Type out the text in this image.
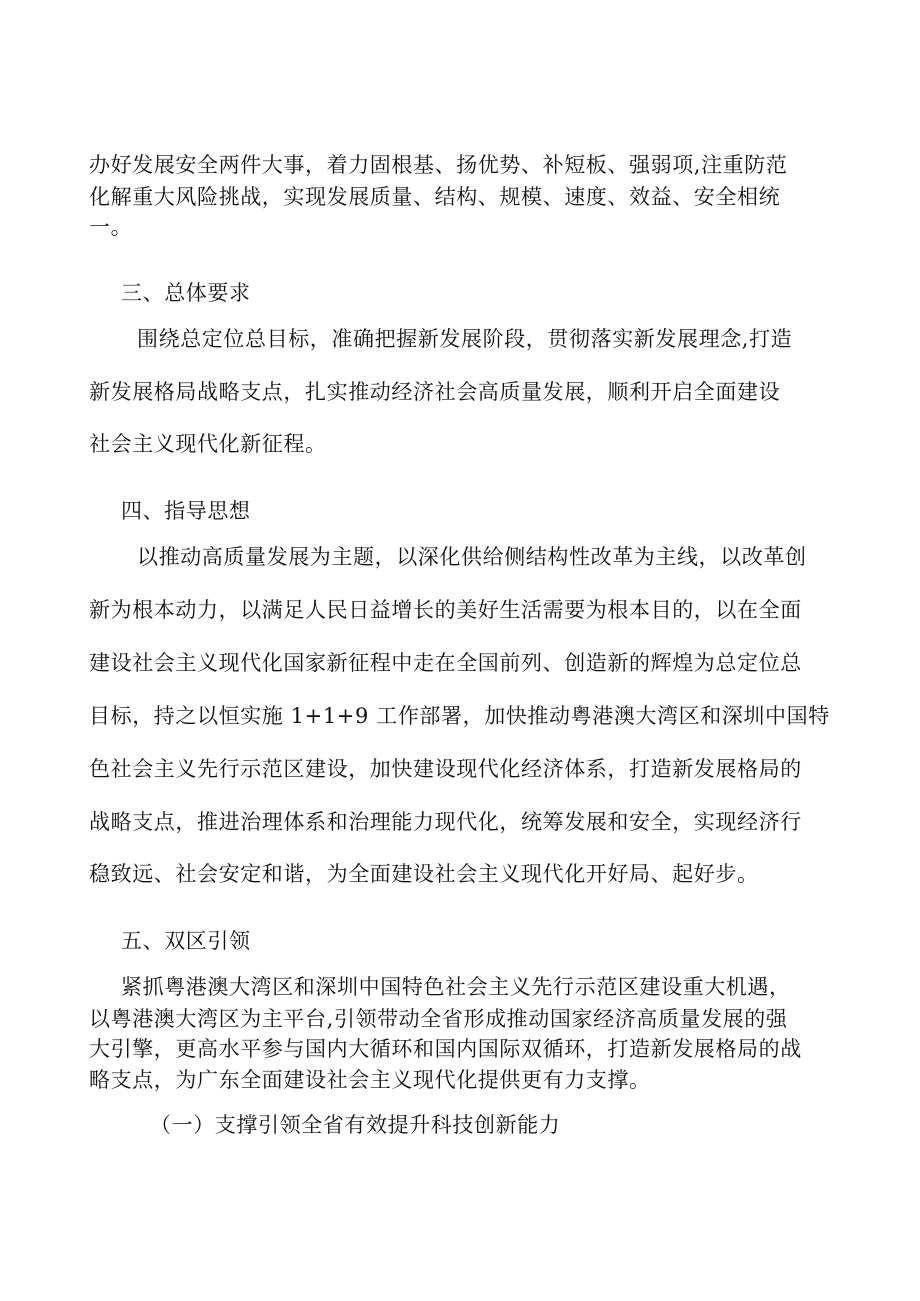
办好发展安全两件大事，着力固根基、扬优势、补短板、强弱项,注重防范
化解重大风险挑战，实现发展质量、结构、规模、速度、效益、安全相统
一。
三、总体要求
围绕总定位总目标，准确把握新发展阶段，贯彻落实新发展理念,打造
新发展格局战略支点，扎实推动经济社会高质量发展，顺利开启全面建设
社会主义现代化新征程。
四、指导思想
以推动高质量发展为主题，以深化供给侧结构性改革为主线，以改革创
新为根本动力，以满足人民日益增长的美好生活需要为根本目的，以在全面
建设社会主义现代化国家新征程中走在全国前列、创造新的辉煌为总定位总
目标，持之以恒实施 1+1+9 工作部署，加快推动粤港澳大湾区和深圳中国特
色社会主义先行示范区建设，加快建设现代化经济体系，打造新发展格局的
战略支点，推进治理体系和治理能力现代化，统筹发展和安全，实现经济行
稳致远、社会安定和谐，为全面建设社会主义现代化开好局、起好步。
五、双区引领
紧抓粤港澳大湾区和深圳中国特色社会主义先行示范区建设重大机遇，
以粤港澳大湾区为主平台,引领带动全省形成推动国家经济高质量发展的强
大引擎，更高水平参与国内大循环和国内国际双循环，打造新发展格局的战
略支点，为广东全面建设社会主义现代化提供更有力支撑。
（一）支撑引领全省有效提升科技创新能力
